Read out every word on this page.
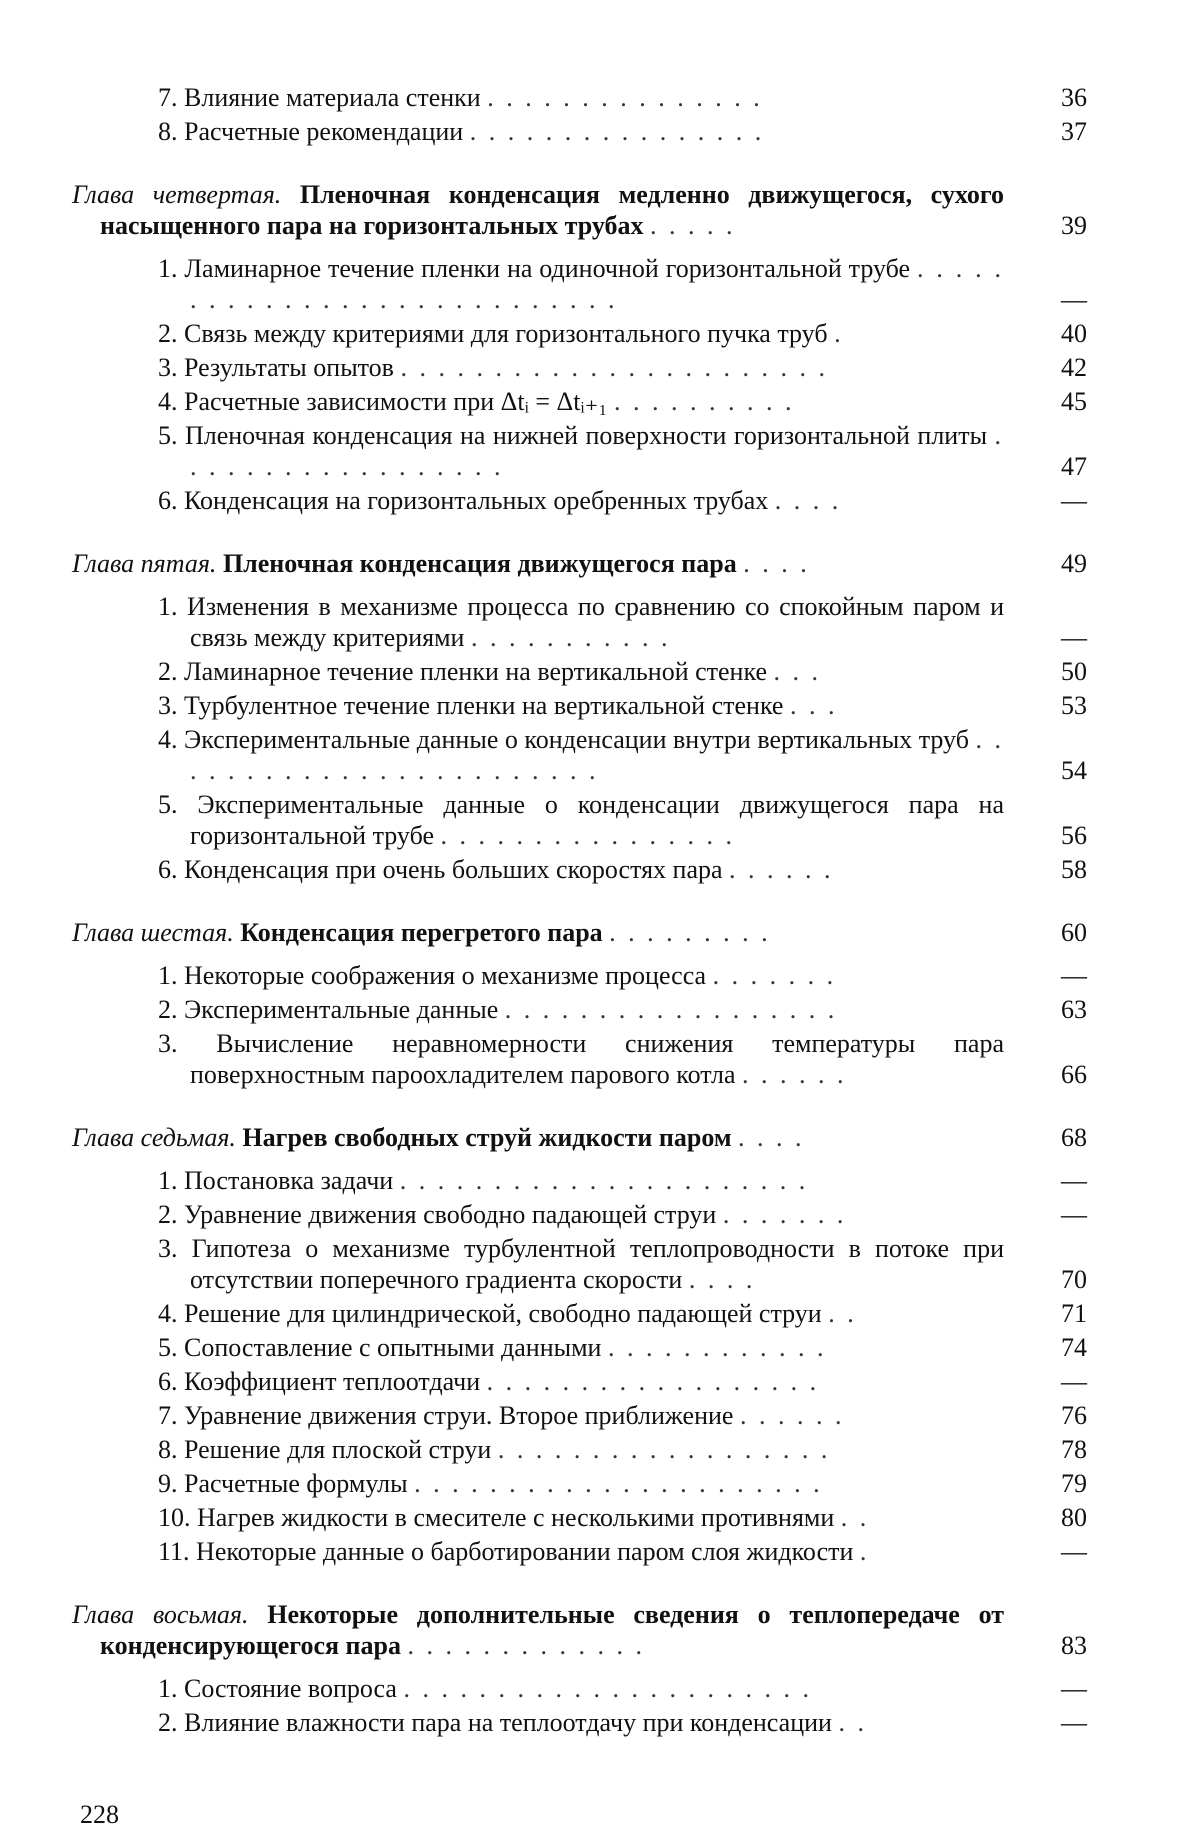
7. Влияние материала стенки . . . . . . . . . . . . . . .	36
8. Расчетные рекомендации . . . . . . . . . . . . . . . .	37
Глава четвертая. Пленочная конденсация медленно движущегося, сухого насыщенного пара на горизонтальных трубах . . . . .	39
1. Ламинарное течение пленки на одиночной горизонтальной трубе . . . . . . . . . . . . . . . . . . . . . . . . . . . .	—
2. Связь между критериями для горизонтального пучка труб .	40
3. Результаты опытов . . . . . . . . . . . . . . . . . . . . . . .	42
4. Расчетные зависимости при Δtᵢ = Δtᵢ₊₁ . . . . . . . . . .	45
5. Пленочная конденсация на нижней поверхности горизонтальной плиты . . . . . . . . . . . . . . . . . .	47
6. Конденсация на горизонтальных оребренных трубах . . . .	—
Глава пятая. Пленочная конденсация движущегося пара . . . .	49
1. Изменения в механизме процесса по сравнению со спокойным паром и связь между критериями . . . . . . . . . . .	—
2. Ламинарное течение пленки на вертикальной стенке . . .	50
3. Турбулентное течение пленки на вертикальной стенке . . .	53
4. Экспериментальные данные о конденсации внутри вертикальных труб . . . . . . . . . . . . . . . . . . . . . . . .	54
5. Экспериментальные данные о конденсации движущегося пара на горизонтальной трубе . . . . . . . . . . . . . . . .	56
6. Конденсация при очень больших скоростях пара . . . . . .	58
Глава шестая. Конденсация перегретого пара . . . . . . . . .	60
1. Некоторые соображения о механизме процесса . . . . . . .	—
2. Экспериментальные данные . . . . . . . . . . . . . . . . . .	63
3. Вычисление неравномерности снижения температуры пара поверхностным пароохладителем парового котла . . . . . .	66
Глава седьмая. Нагрев свободных струй жидкости паром . . . .	68
1. Постановка задачи . . . . . . . . . . . . . . . . . . . . . .	—
2. Уравнение движения свободно падающей струи . . . . . . .	—
3. Гипотеза о механизме турбулентной теплопроводности в потоке при отсутствии поперечного градиента скорости . . . .	70
4. Решение для цилиндрической, свободно падающей струи . .	71
5. Сопоставление с опытными данными . . . . . . . . . . . .	74
6. Коэффициент теплоотдачи . . . . . . . . . . . . . . . . . .	—
7. Уравнение движения струи. Второе приближение . . . . . .	76
8. Решение для плоской струи . . . . . . . . . . . . . . . . . .	78
9. Расчетные формулы . . . . . . . . . . . . . . . . . . . . . .	79
10. Нагрев жидкости в смесителе с несколькими противнями . .	80
11. Некоторые данные о барботировании паром слоя жидкости .	—
Глава восьмая. Некоторые дополнительные сведения о теплопередаче от конденсирующегося пара . . . . . . . . . . . . .	83
1. Состояние вопроса . . . . . . . . . . . . . . . . . . . . . .	—
2. Влияние влажности пара на теплоотдачу при конденсации . .	—
228
